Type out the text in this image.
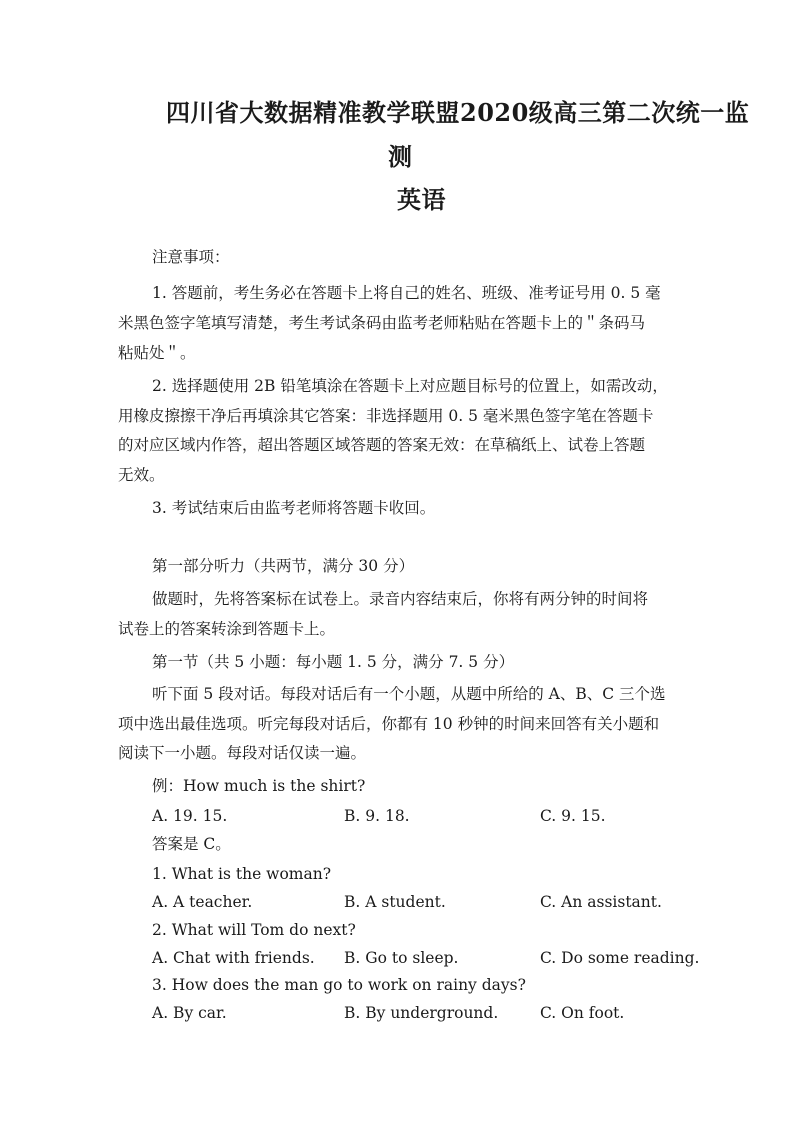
四川省大数据精准教学联盟2020级高三第二次统一监
测
英语
注意事项：
1. 答题前，考生务必在答题卡上将自己的姓名、班级、准考证号用 0. 5 毫
米黑色签字笔填写清楚，考生考试条码由监考老师粘贴在答题卡上的＂条码马
粘贴处＂。
2. 选择题使用 2B 铅笔填涂在答题卡上对应题目标号的位置上，如需改动，
用橡皮擦擦干净后再填涂其它答案：非选择题用 0. 5 毫米黑色签字笔在答题卡
的对应区域内作答，超出答题区域答题的答案无效：在草稿纸上、试卷上答题
无效。
3. 考试结束后由监考老师将答题卡收回。
第一部分听力（共两节，满分 30 分）
做题时，先将答案标在试卷上。录音内容结束后，你将有两分钟的时间将
试卷上的答案转涂到答题卡上。
第一节（共 5 小题：每小题 1. 5 分，满分 7. 5 分）
听下面 5 段对话。每段对话后有一个小题，从题中所给的 A、B、C 三个选
项中选出最佳选项。听完每段对话后，你都有 10 秒钟的时间来回答有关小题和
阅读下一小题。每段对话仅读一遍。
例：How much is the shirt?
A. 19. 15.	B. 9. 18.	C. 9. 15.
答案是 C。
1. What is the woman?
A. A teacher.	B. A student.	C. An assistant.
2. What will Tom do next?
A. Chat with friends. B. Go to sleep.	C. Do some reading.
3. How does the man go to work on rainy days?
A. By car.	B. By underground.	C. On foot.
